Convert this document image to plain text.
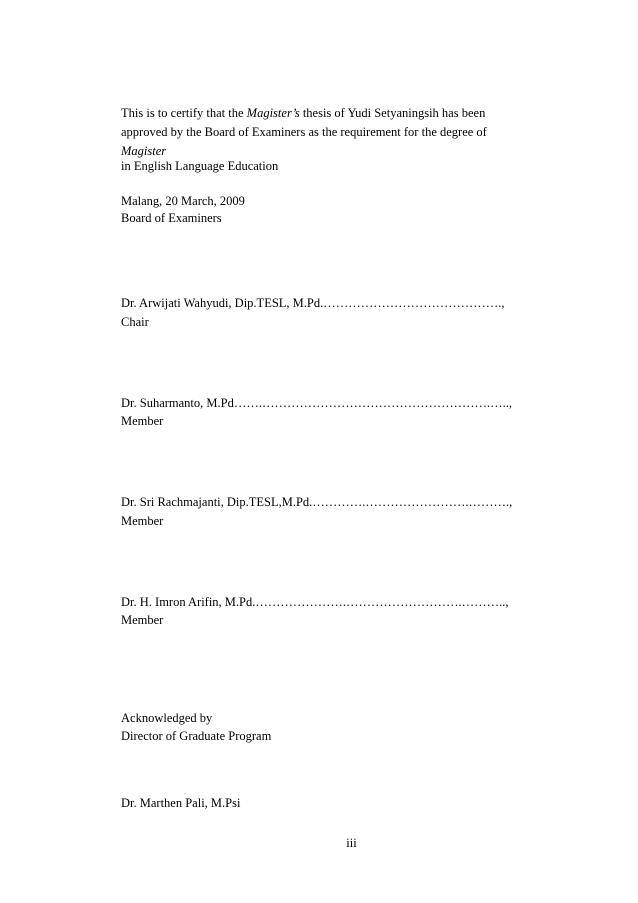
This is to certify that the Magister’s thesis of Yudi Setyaningsih has been
approved by the Board of Examiners as the requirement for the degree of
Magister
in English Language Education
Malang, 20 March, 2009
Board of Examiners
Dr. Arwijati Wahyudi, Dip.TESL, M.Pd.…………………………………….,
Chair
Dr. Suharmanto, M.Pd…….……………………………………………….…..,
Member
Dr. Sri Rachmajanti, Dip.TESL,M.Pd.………….…………………….……….,
Member
Dr. H. Imron Arifin, M.Pd.………………….……………………….………..,
Member
Acknowledged by
Director of Graduate Program
Dr. Marthen Pali, M.Psi
iii
